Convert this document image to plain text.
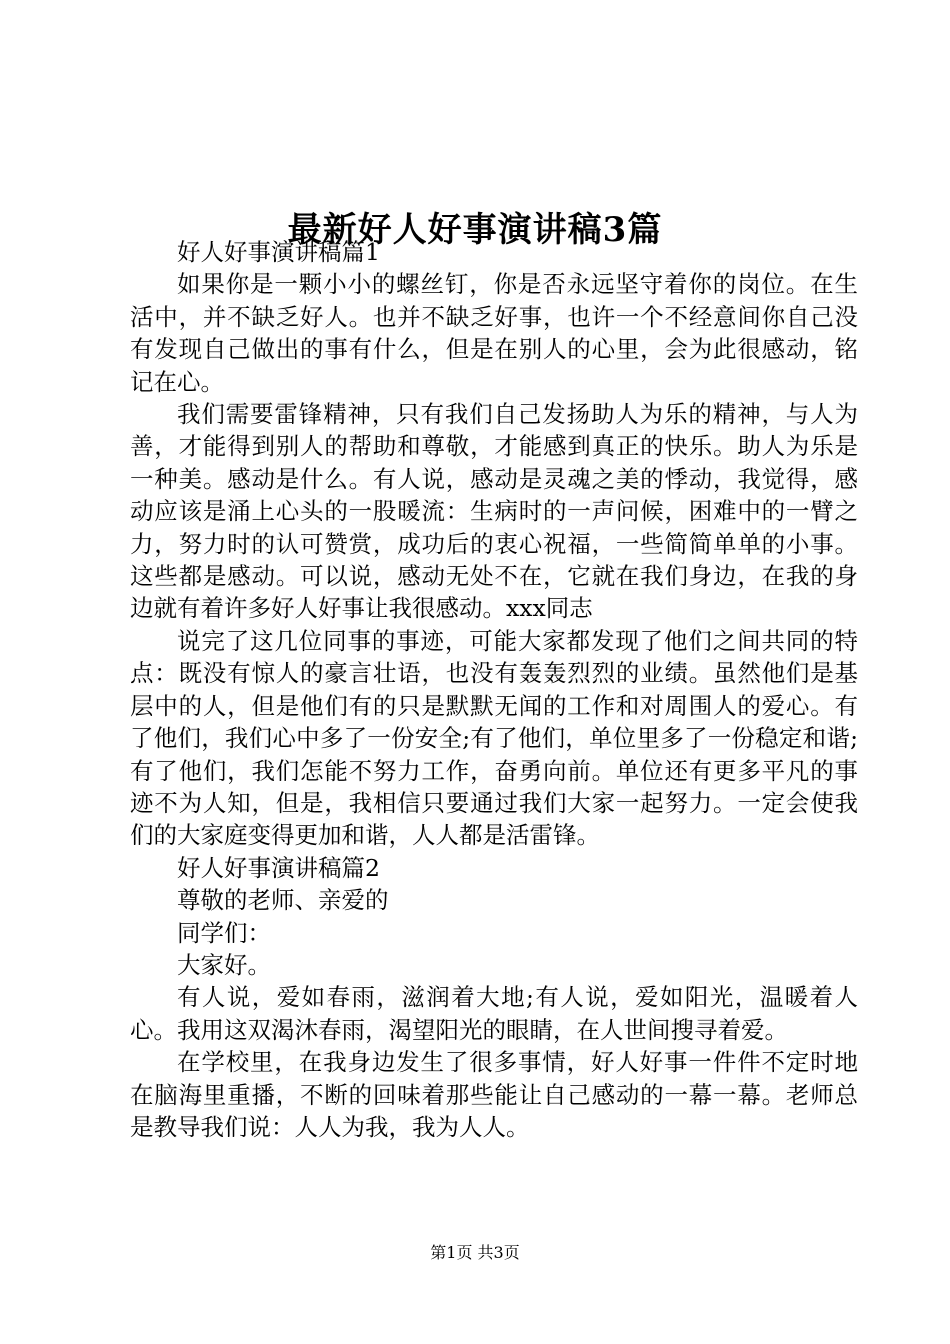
最新好人好事演讲稿3篇

好人好事演讲稿篇1

如果你是一颗小小的螺丝钉，你是否永远坚守着你的岗位。在生活中，并不缺乏好人。也并不缺乏好事，也许一个不经意间你自己没有发现自己做出的事有什么，但是在别人的心里，会为此很感动，铭记在心。

我们需要雷锋精神，只有我们自己发扬助人为乐的精神，与人为善，才能得到别人的帮助和尊敬，才能感到真正的快乐。助人为乐是一种美。感动是什么。有人说，感动是灵魂之美的悸动，我觉得，感动应该是涌上心头的一股暖流：生病时的一声问候，困难中的一臂之力，努力时的认可赞赏，成功后的衷心祝福，一些简简单单的小事。这些都是感动。可以说，感动无处不在，它就在我们身边，在我的身边就有着许多好人好事让我很感动。xxx同志

说完了这几位同事的事迹，可能大家都发现了他们之间共同的特点：既没有惊人的豪言壮语，也没有轰轰烈烈的业绩。虽然他们是基层中的人，但是他们有的只是默默无闻的工作和对周围人的爱心。有了他们，我们心中多了一份安全;有了他们，单位里多了一份稳定和谐;有了他们，我们怎能不努力工作，奋勇向前。单位还有更多平凡的事迹不为人知，但是，我相信只要通过我们大家一起努力。一定会使我们的大家庭变得更加和谐，人人都是活雷锋。

好人好事演讲稿篇2

尊敬的老师、亲爱的

同学们：

大家好。

有人说，爱如春雨，滋润着大地;有人说，爱如阳光，温暖着人心。我用这双渴沐春雨，渴望阳光的眼睛，在人世间搜寻着爱。

在学校里，在我身边发生了很多事情，好人好事一件件不定时地在脑海里重播，不断的回味着那些能让自己感动的一幕一幕。老师总是教导我们说：人人为我，我为人人。

第1页 共3页
